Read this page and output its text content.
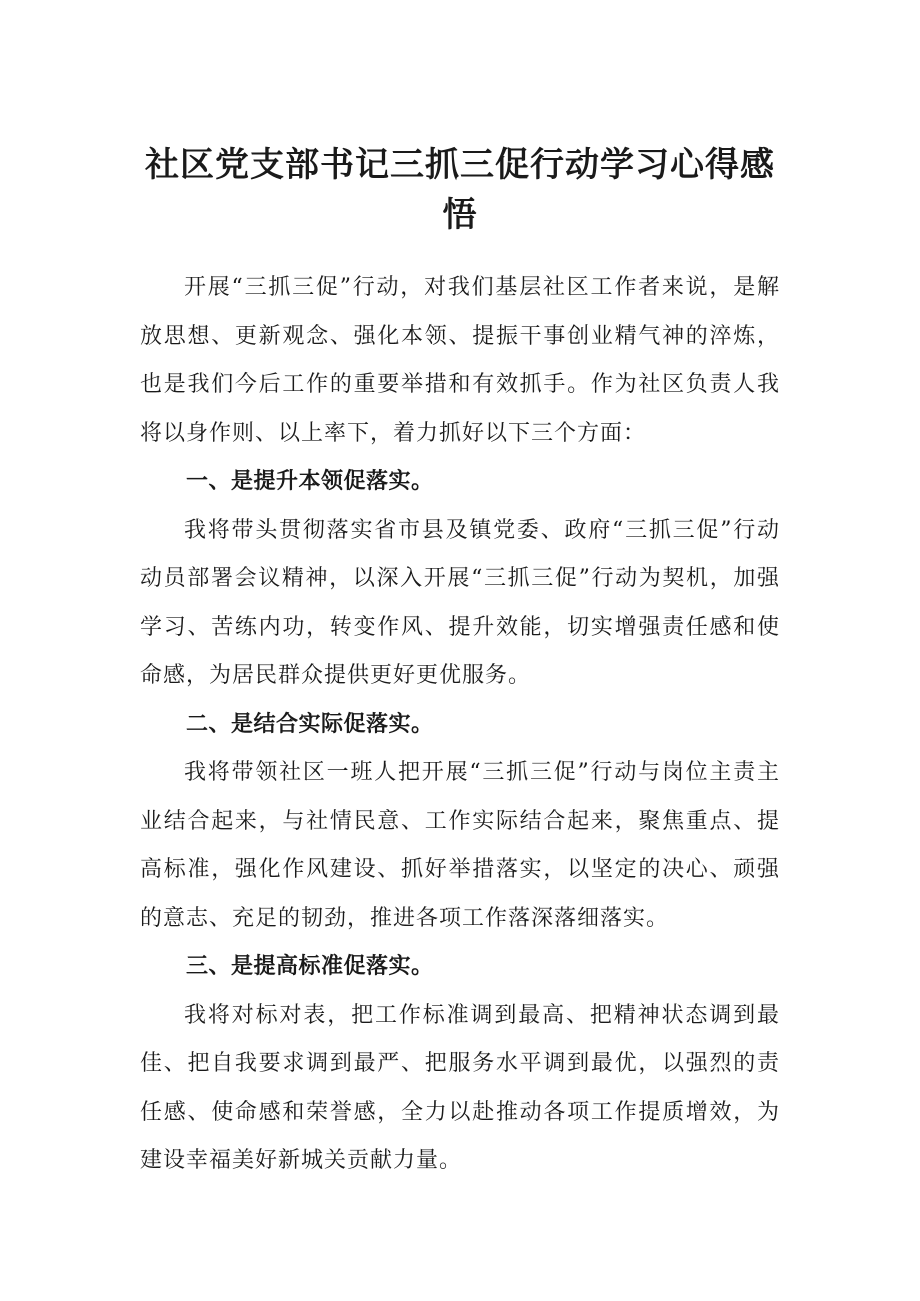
社区党支部书记三抓三促行动学习心得感悟

开展“三抓三促”行动，对我们基层社区工作者来说，是解放思想、更新观念、强化本领、提振干事创业精气神的淬炼，也是我们今后工作的重要举措和有效抓手。作为社区负责人我将以身作则、以上率下，着力抓好以下三个方面：

一、是提升本领促落实。

我将带头贯彻落实省市县及镇党委、政府“三抓三促”行动动员部署会议精神，以深入开展“三抓三促”行动为契机，加强学习、苦练内功，转变作风、提升效能，切实增强责任感和使命感，为居民群众提供更好更优服务。

二、是结合实际促落实。

我将带领社区一班人把开展“三抓三促”行动与岗位主责主业结合起来，与社情民意、工作实际结合起来，聚焦重点、提高标准，强化作风建设、抓好举措落实，以坚定的决心、顽强的意志、充足的韧劲，推进各项工作落深落细落实。

三、是提高标准促落实。

我将对标对表，把工作标准调到最高、把精神状态调到最佳、把自我要求调到最严、把服务水平调到最优，以强烈的责任感、使命感和荣誉感，全力以赴推动各项工作提质增效，为建设幸福美好新城关贡献力量。
